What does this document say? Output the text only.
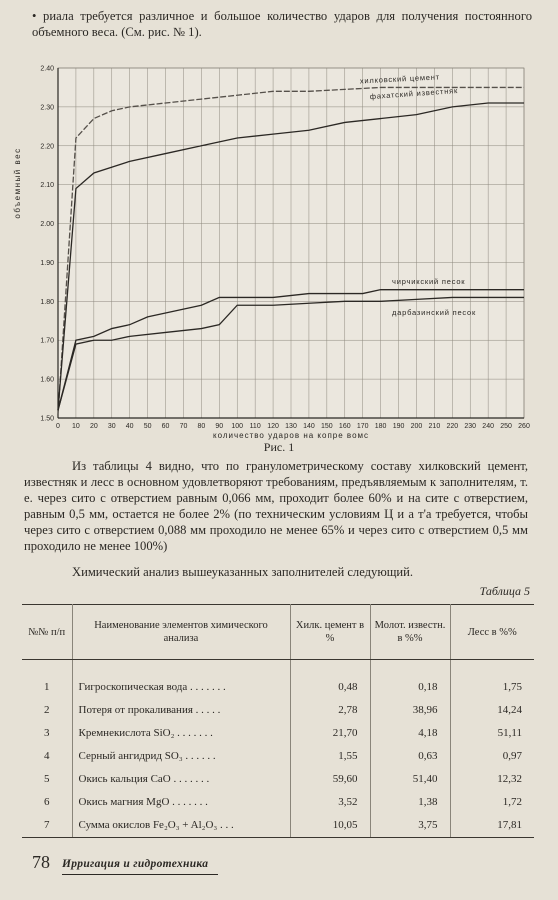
• риала требуется различное и большое количество ударов для получения постоянного объемного веса. (См. рис. № 1).

0 10 20 30 40 50 60 70 80 90 100 110 120 130 140 150 160 170 180 190 200 210 220 230 240 250 260
1.50
1.60
1.70
1.80
1.90
2.00
2.10
2.20
2.30
2.40
количество ударов на копре вомс
объемный вес
хилковский цемент
фахатский известняк
чирчикский песок
дарбазинский песок
Рис. 1

Из таблицы 4 видно, что по гранулометрическому составу хилковский цемент, известняк и лесс в основном удовлетворяют требованиям, предъявляемым к заполнителям, т. е. через сито с отверстием равным 0,066 мм, проходит более 60% и на сите с отверстием, равным 0,5 мм, остается не более 2% (по техническим условиям Ц и а т'а требуется, чтобы через сито с отверстием 0,088 мм проходило не менее 65% и через сито с отверстием 0,5 мм проходило не менее 100%)

Химический анализ вышеуказанных заполнителей следующий.

Таблица 5
№№ п/п	Наименование элементов химического анализа	Хилк. цемент в %	Молот. известн. в %%	Лесс в %%

1	Гигроскопическая вода . . . . . . .	0,48	0,18	1,75
2	Потеря от прокаливания . . . . .	2,78	38,96	14,24
3	Кремнекислота SiO₂ . . . . . . .	21,70	4,18	51,11
4	Серный ангидрид SO₃ . . . . . .	1,55	0,63	0,97
5	Окись кальция CaO . . . . . . .	59,60	51,40	12,32
6	Окись магния MgO . . . . . . .	3,52	1,38	1,72
7	Сумма окислов Fe₂O₃ + Al₂O₃ . . .	10,05	3,75	17,81
78 Ирригация и гидротехника
